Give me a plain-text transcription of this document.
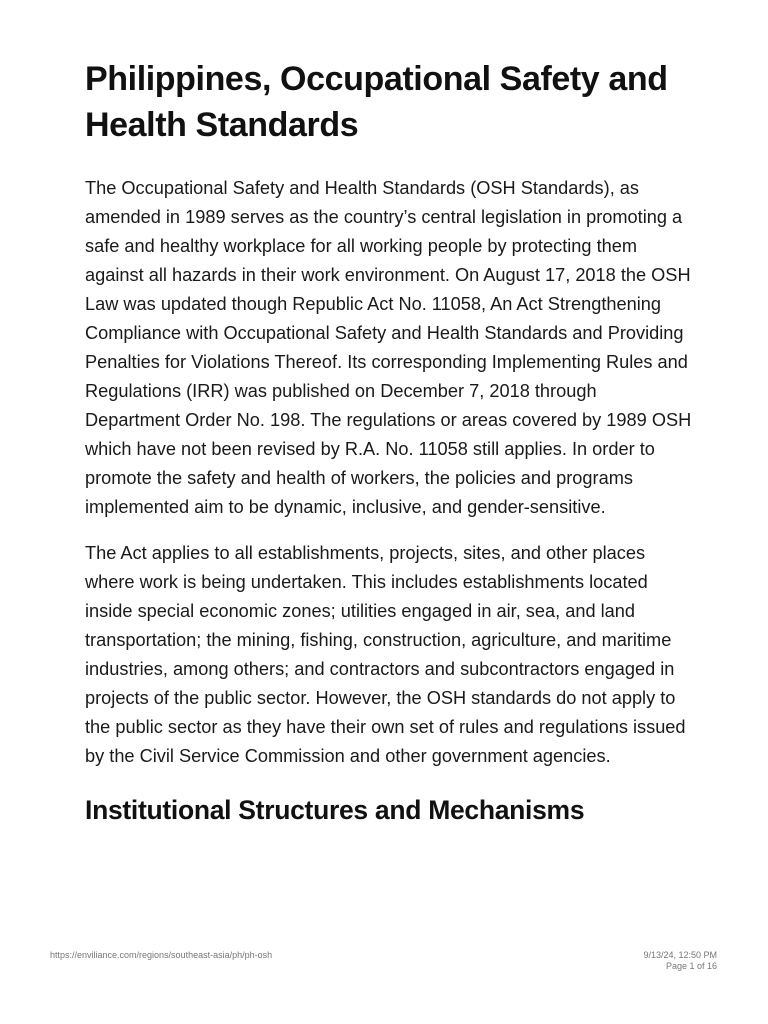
Philippines, Occupational Safety and Health Standards

The Occupational Safety and Health Standards (OSH Standards), as amended in 1989 serves as the country’s central legislation in promoting a safe and healthy workplace for all working people by protecting them against all hazards in their work environment. On August 17, 2018 the OSH Law was updated though Republic Act No. 11058, An Act Strengthening Compliance with Occupational Safety and Health Standards and Providing Penalties for Violations Thereof. Its corresponding Implementing Rules and Regulations (IRR) was published on December 7, 2018 through Department Order No. 198. The regulations or areas covered by 1989 OSH which have not been revised by R.A. No. 11058 still applies. In order to promote the safety and health of workers, the policies and programs implemented aim to be dynamic, inclusive, and gender-sensitive.

The Act applies to all establishments, projects, sites, and other places where work is being undertaken. This includes establishments located inside special economic zones; utilities engaged in air, sea, and land transportation; the mining, fishing, construction, agriculture, and maritime industries, among others; and contractors and subcontractors engaged in projects of the public sector. However, the OSH standards do not apply to the public sector as they have their own set of rules and regulations issued by the Civil Service Commission and other government agencies.

Institutional Structures and Mechanisms
https://enviliance.com/regions/southeast-asia/ph/ph-osh	9/13/24, 12:50 PM
Page 1 of 16
